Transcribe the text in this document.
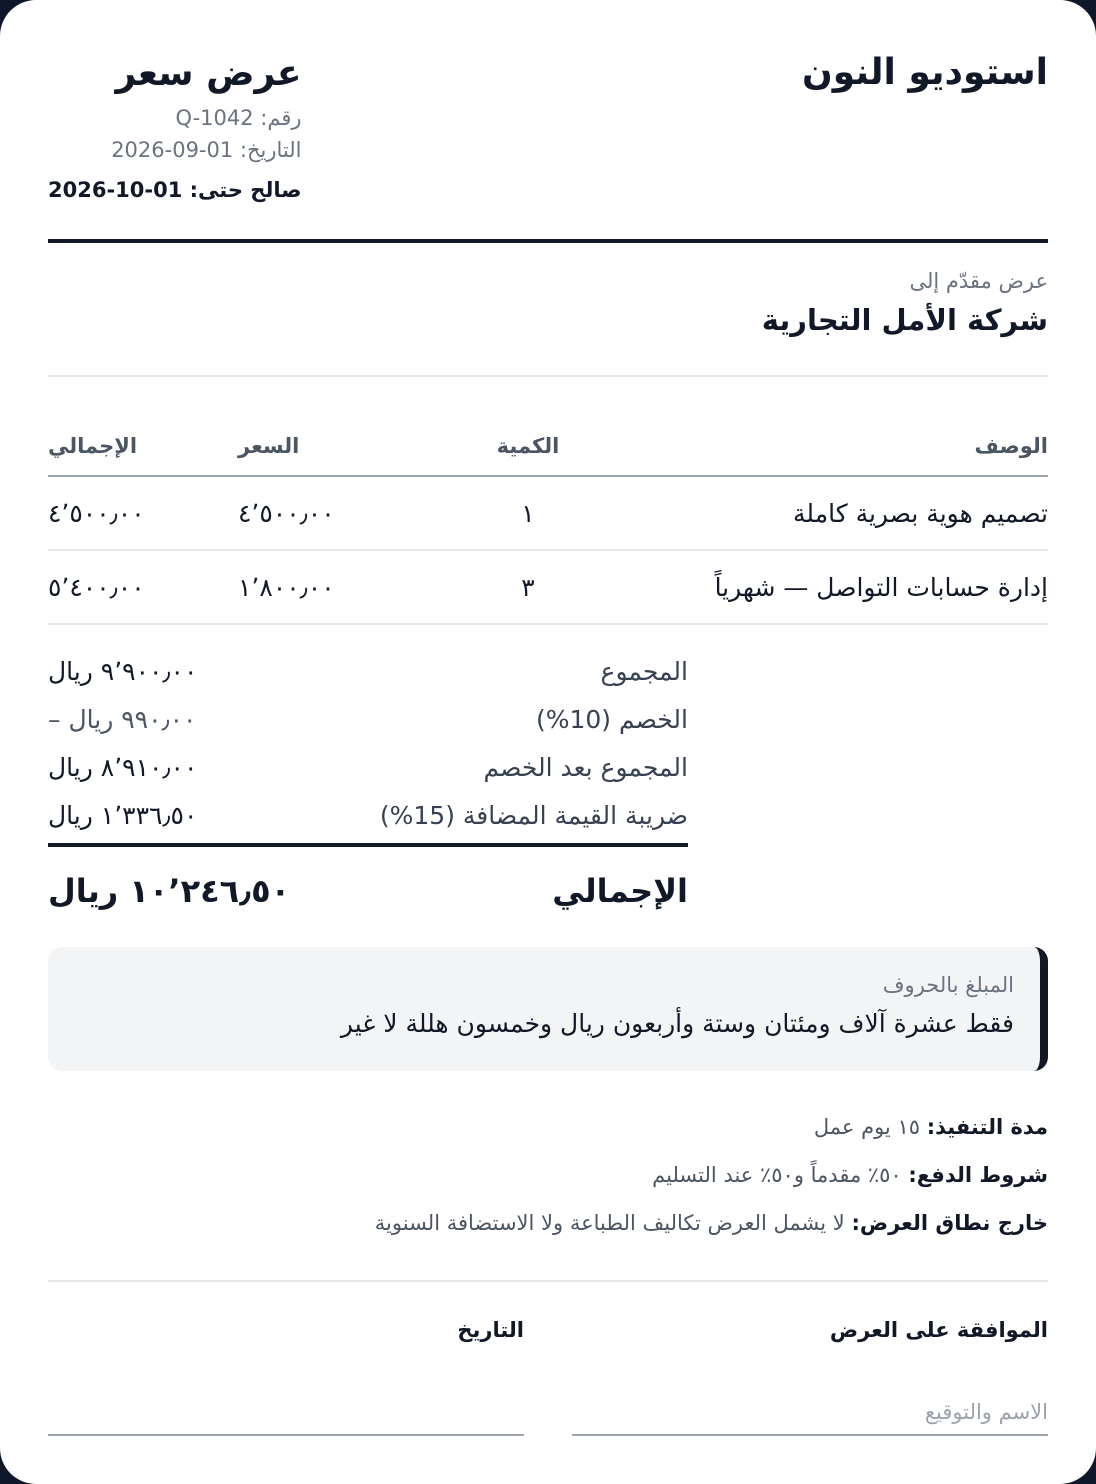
استوديو النون
عرض سعر
رقم: Q-1042
التاريخ: 2026-09-01
صالح حتى: 2026-10-01
عرض مقدّم إلى
شركة الأمل التجارية
الوصف	الكمية	السعر	الإجمالي
تصميم هوية بصرية كاملة	١	٤٬٥٠٠٫٠٠	٤٬٥٠٠٫٠٠
إدارة حسابات التواصل — شهرياً	٣	١٬٨٠٠٫٠٠	٥٬٤٠٠٫٠٠
المجموع
٩٬٩٠٠٫٠٠ ريال
الخصم (10%)
– ٩٩٠٫٠٠ ريال
المجموع بعد الخصم
٨٬٩١٠٫٠٠ ريال
ضريبة القيمة المضافة (15%)
١٬٣٣٦٫٥٠ ريال
الإجمالي
١٠٬٢٤٦٫٥٠ ريال
المبلغ بالحروف
فقط عشرة آلاف ومئتان وستة وأربعون ريال وخمسون هللة لا غير
مدة التنفيذ: ١٥ يوم عمل
شروط الدفع: ٥٠٪ مقدماً و٥٠٪ عند التسليم
خارج نطاق العرض: لا يشمل العرض تكاليف الطباعة ولا الاستضافة السنوية
الموافقة على العرض
الاسم والتوقيع
التاريخ
